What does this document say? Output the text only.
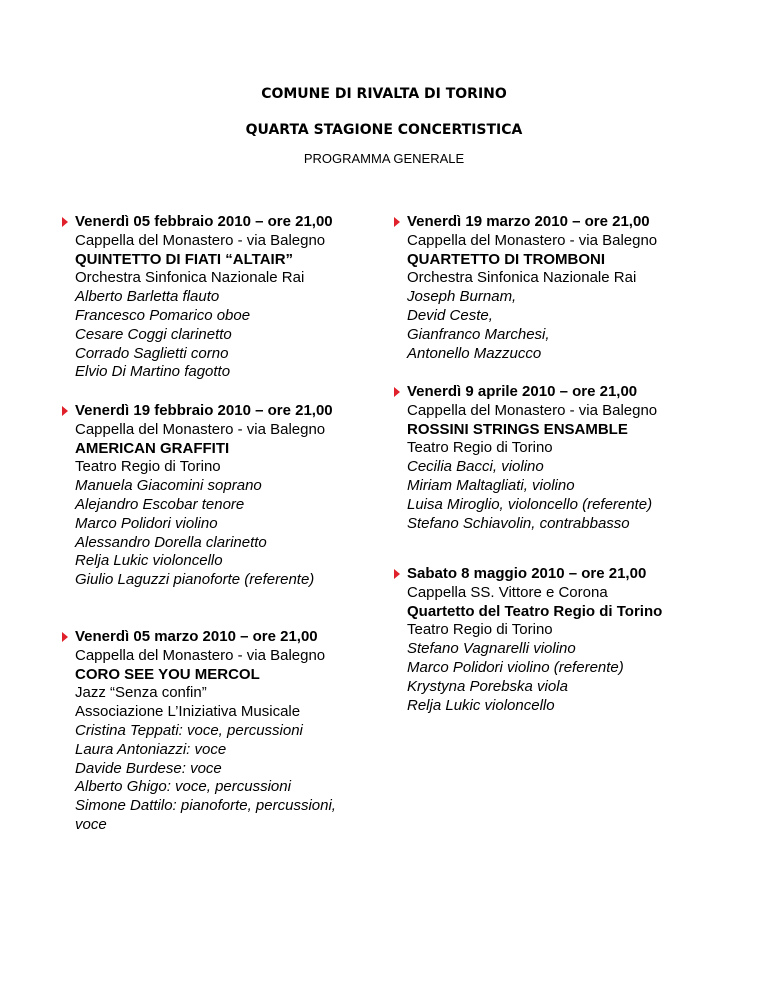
COMUNE DI RIVALTA DI TORINO
QUARTA STAGIONE CONCERTISTICA
PROGRAMMA GENERALE
Venerdì 05 febbraio 2010 – ore 21,00
Cappella del Monastero - via Balegno
QUINTETTO DI FIATI “ALTAIR”
Orchestra Sinfonica Nazionale Rai
Alberto Barletta flauto
Francesco Pomarico oboe
Cesare Coggi clarinetto
Corrado Saglietti corno
Elvio Di Martino fagotto
Venerdì 19 febbraio 2010 – ore 21,00
Cappella del Monastero - via Balegno
AMERICAN GRAFFITI
Teatro Regio di Torino
Manuela Giacomini soprano
Alejandro Escobar tenore
Marco Polidori violino
Alessandro Dorella clarinetto
Relja Lukic violoncello
Giulio Laguzzi pianoforte (referente)
Venerdì 05 marzo 2010 – ore 21,00
Cappella del Monastero - via Balegno
CORO SEE YOU MERCOL
Jazz “Senza confin”
Associazione L’Iniziativa Musicale
Cristina Teppati: voce, percussioni
Laura Antoniazzi: voce
Davide Burdese: voce
Alberto Ghigo: voce, percussioni
Simone Dattilo: pianoforte, percussioni,
voce
Venerdì 19 marzo 2010 – ore 21,00
Cappella del Monastero - via Balegno
QUARTETTO DI TROMBONI
Orchestra Sinfonica Nazionale Rai
Joseph Burnam,
Devid Ceste,
Gianfranco Marchesi,
Antonello Mazzucco
Venerdì 9 aprile 2010 – ore 21,00
Cappella del Monastero - via Balegno
ROSSINI STRINGS ENSAMBLE
Teatro Regio di Torino
Cecilia Bacci, violino
Miriam Maltagliati, violino
Luisa Miroglio, violoncello (referente)
Stefano Schiavolin, contrabbasso
Sabato 8 maggio 2010 – ore 21,00
Cappella SS. Vittore e Corona
Quartetto del Teatro Regio di Torino
Teatro Regio di Torino
Stefano Vagnarelli violino
Marco Polidori violino (referente)
Krystyna Porebska viola
Relja Lukic violoncello
